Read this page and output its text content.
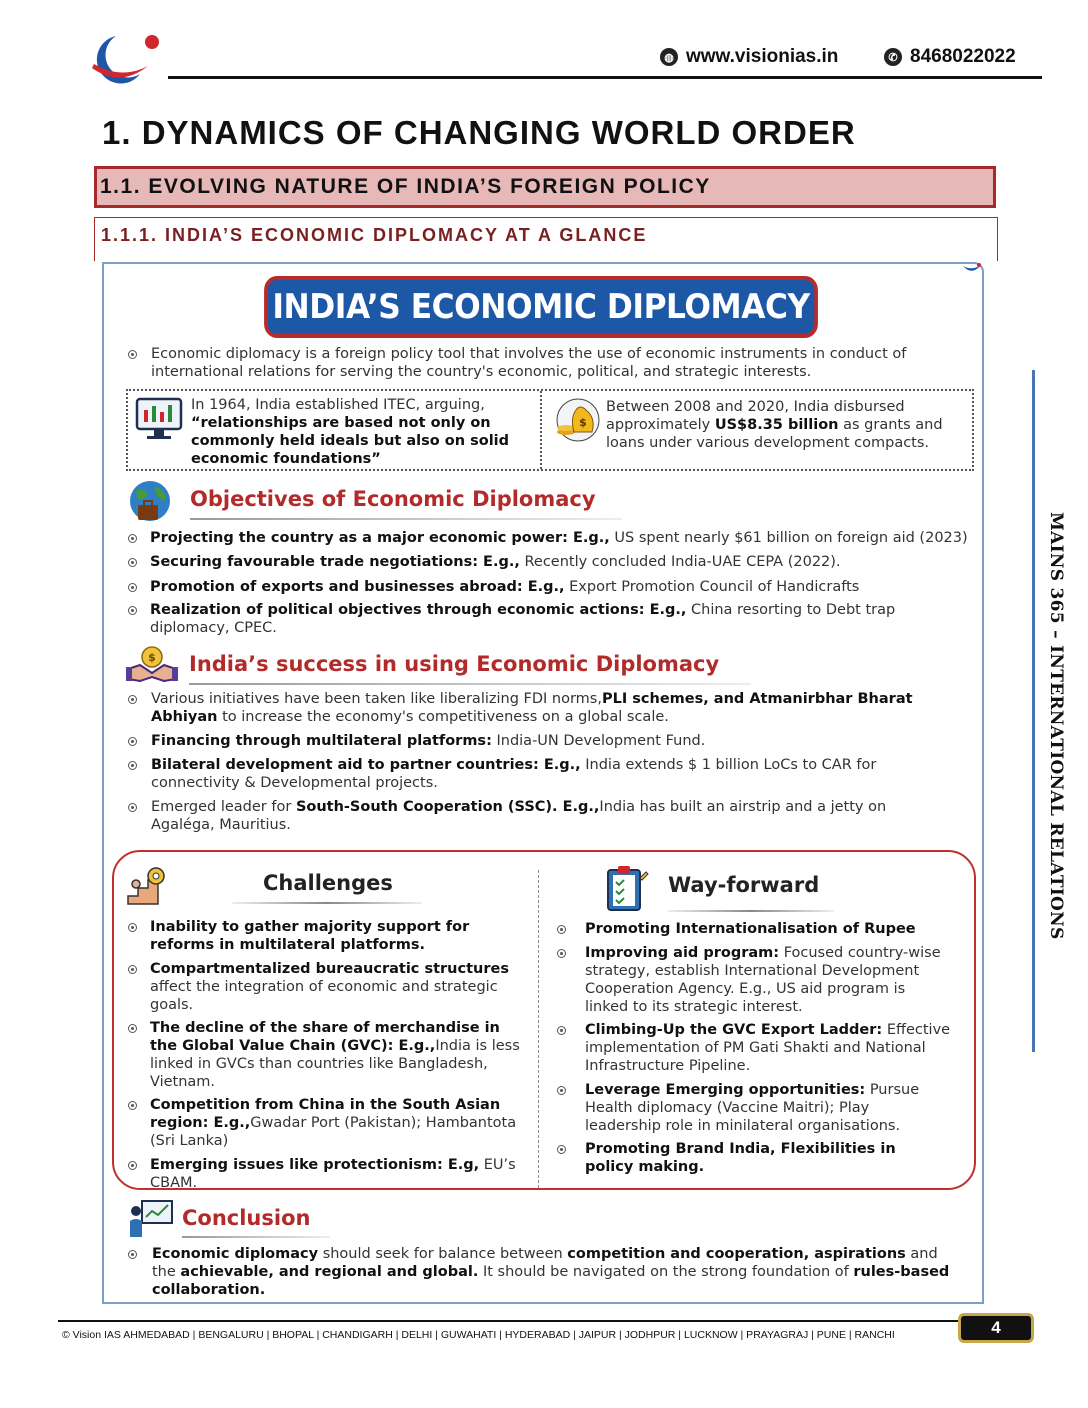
◍ www.visionias.in	✆ 8468022022
1. DYNAMICS OF CHANGING WORLD ORDER
1.1. EVOLVING NATURE OF INDIA’S FOREIGN POLICY
1.1.1. INDIA’S ECONOMIC DIPLOMACY AT A GLANCE
INDIA’S ECONOMIC DIPLOMACY
Economic diplomacy is a foreign policy tool that involves the use of economic instruments in conduct of international relations for serving the country's economic, political, and strategic interests.
In 1964, India established ITEC, arguing,
“relationships are based not only on commonly held ideals but also on solid economic foundations”
$
Between 2008 and 2020, India disbursed approximately US$8.35 billion as grants and loans under various development compacts.
Objectives of Economic Diplomacy
Projecting the country as a major economic power: E.g., US spent nearly $61 billion on foreign aid (2023)
Securing favourable trade negotiations: E.g., Recently concluded India-UAE CEPA (2022).
Promotion of exports and businesses abroad: E.g., Export Promotion Council of Handicrafts
Realization of political objectives through economic actions: E.g., China resorting to Debt trap diplomacy, CPEC.
$ India’s success in using Economic Diplomacy
Various initiatives have been taken like liberalizing FDI norms,PLI schemes, and Atmanirbhar Bharat Abhiyan to increase the economy's competitiveness on a global scale.
Financing through multilateral platforms: India-UN Development Fund.
Bilateral development aid to partner countries: E.g., India extends $ 1 billion LoCs to CAR for connectivity & Developmental projects.
Emerged leader for South-South Cooperation (SSC). E.g.,India has built an airstrip and a jetty on Agaléga, Mauritius.
Challenges
Inability to gather majority support for reforms in multilateral platforms.
Compartmentalized bureaucratic structures affect the integration of economic and strategic goals.
The decline of the share of merchandise in the Global Value Chain (GVC): E.g.,India is less linked in GVCs than countries like Bangladesh, Vietnam.
Competition from China in the South Asian region: E.g.,Gwadar Port (Pakistan); Hambantota (Sri Lanka)
Emerging issues like protectionism: E.g, EU’s CBAM.
Way-forward
Promoting Internationalisation of Rupee
Improving aid program: Focused country-wise strategy, establish International Development Cooperation Agency. E.g., US aid program is linked to its strategic interest.
Climbing-Up the GVC Export Ladder: Effective implementation of PM Gati Shakti and National Infrastructure Pipeline.
Leverage Emerging opportunities: Pursue Health diplomacy (Vaccine Maitri); Play leadership role in minilateral organisations.
Promoting Brand India, Flexibilities in policy making.
Conclusion
Economic diplomacy should seek for balance between competition and cooperation, aspirations and the achievable, and regional and global. It should be navigated on the strong foundation of rules-based collaboration.
MAINS 365 – INTERNATIONAL RELATIONS
© Vision IAS AHMEDABAD | BENGALURU | BHOPAL | CHANDIGARH | DELHI | GUWAHATI | HYDERABAD | JAIPUR | JODHPUR | LUCKNOW | PRAYAGRAJ | PUNE | RANCHI	4
